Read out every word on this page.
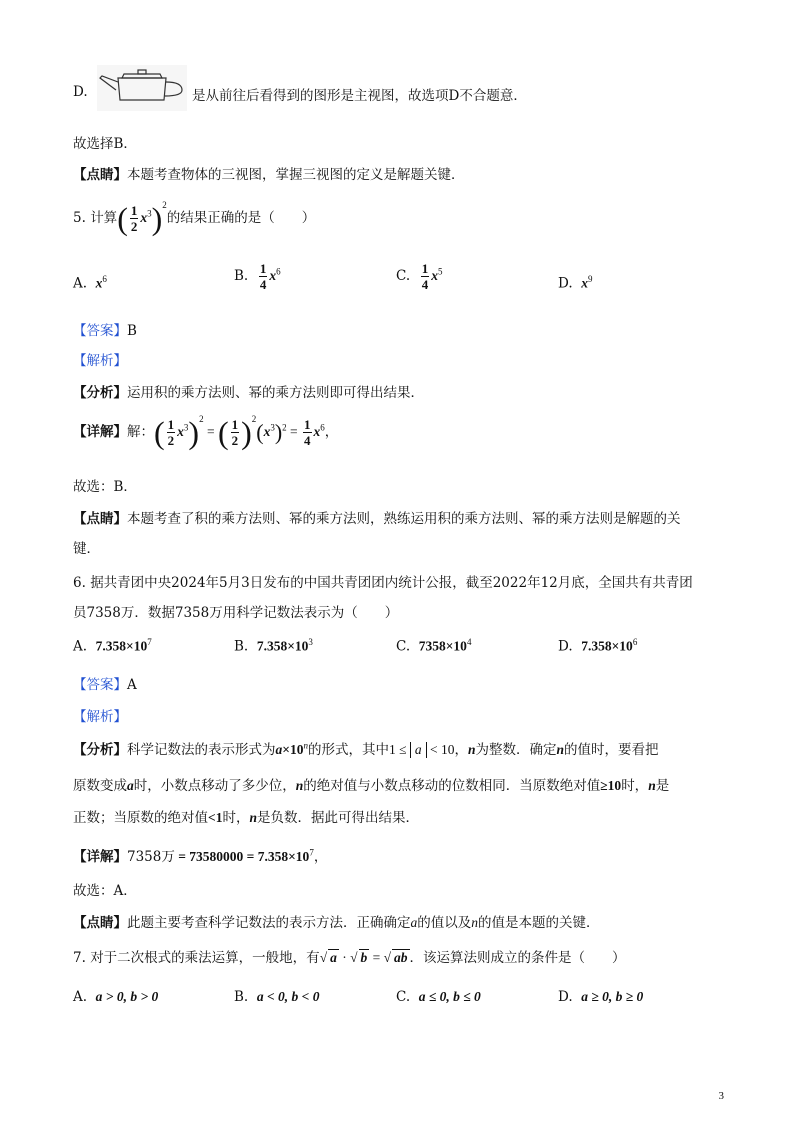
D.	是从前往后看得到的图形是主视图，故选项D不合题意．
故选择B．
【点睛】本题考查物体的三视图，掌握三视图的定义是解题关键．
5. 计算( $\frac{1}{2} x^3)^2$的结果正确的是（　　）
A. $x^6$	B. $\frac{1}{4} x^6$	C. $\frac{1}{4} x^5$
D. $x^9$
【答案】B
【解析】
【分析】运用积的乘方法则、幂的乘方法则即可得出结果．
【详解】解：( $\frac{1}{2} x^3)^2$ = ( $\frac{1}{2} )^2(x^3)^2 = \frac{1}{4} x^6$，
故选：B．
【点睛】本题考查了积的乘方法则、幂的乘方法则，熟练运用积的乘方法则、幂的乘方法则是解题的关
键．
6. 据共青团中央2024年5月3日发布的中国共青团团内统计公报，截至2022年12月底，全国共有共青团
员7358万．数据7358万用科学记数法表示为（　　）
A. $7.358\times 10^7$	B. $7.358\times 10^3$	C. $7358\times 10^4$	D. $7.358\times 10^6$
【答案】A
【解析】
【分析】科学记数法的表示形式为$a\times 10^n$的形式，其中1 ≤ a < 10，n为整数．确定n的值时，要看把
原数变成a时，小数点移动了多少位，n的绝对值与小数点移动的位数相同．当原数绝对值≥10时，n是
正数；当原数的绝对值<1时，n是负数．据此可得出结果．
【详解】7358万 = $73580000 = 7.358\times 10^7$，
故选：A．
【点睛】此题主要考查科学记数法的表示方法．正确确定a的值以及n的值是本题的关键．
7. 对于二次根式的乘法运算，一般地，有√ a · √ b = √ ab ．该运算法则成立的条件是（　　）
A. a > 0, b > 0	B. a < 0, b < 0	C. a ≤ 0, b ≤ 0	D. a ≥ 0, b ≥ 0
3
